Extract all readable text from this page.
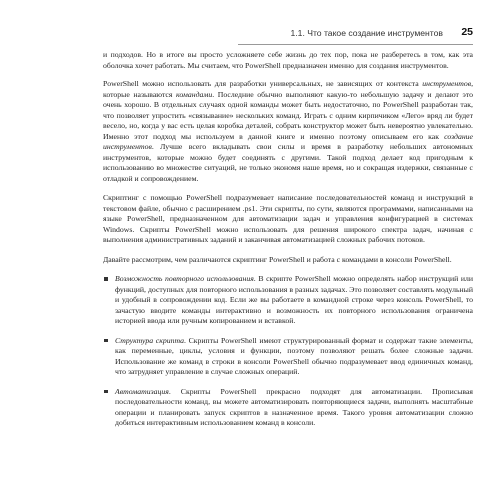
1.1. Что такое создание инструментов 25

и подходов. Но в итоге вы просто усложняете себе жизнь до тех пор, пока не разберетесь в том, как эта оболочка хочет работать. Мы считаем, что PowerShell предназначен именно для создания инструментов.

PowerShell можно использовать для разработки универсальных, не зависящих от контекста инструментов, которые называются командами. Последние обычно выполняют какую-то небольшую задачу и делают это очень хорошо. В отдельных случаях одной команды может быть недостаточно, по PowerShell разработан так, что позволяет упростить «связывание» нескольких команд. Играть с одним кирпичиком «Лего» вряд ли будет весело, но, когда у вас есть целая коробка деталей, собрать конструктор может быть невероятно увлекательно. Именно этот подход мы используем в данной книге и именно поэтому описываем его как создание инструментов. Лучше всего вкладывать свои силы и время в разработку небольших автономных инструментов, которые можно будет соединять с другими. Такой подход делает код пригодным к использованию во множестве ситуаций, не только экономя наше время, но и сокращая издержки, связанные с отладкой и сопровождением.

Скриптинг с помощью PowerShell подразумевает написание последовательностей команд и инструкций в текстовом файле, обычно с расширением .ps1. Эти скрипты, по сути, являются программами, написанными на языке PowerShell, предназначенном для автоматизации задач и управления конфигурацией в системах Windows. Скрипты PowerShell можно использовать для решения широкого спектра задач, начиная с выполнения административных заданий и заканчивая автоматизацией сложных рабочих потоков.

Давайте рассмотрим, чем различаются скриптинг PowerShell и работа с командами в консоли PowerShell.

Возможность повторного использования. В скрипте PowerShell можно определять набор инструкций или функций, доступных для повторного использования в разных задачах. Это позволяет составлять модульный и удобный в сопровождении код. Если же вы работаете в командной строке через консоль PowerShell, то зачастую вводите команды интерактивно и возможность их повторного использования ограничена историей ввода или ручным копированием и вставкой.
Структура скрипта. Скрипты PowerShell имеют структурированный формат и содержат такие элементы, как переменные, циклы, условия и функции, поэтому позволяют решать более сложные задачи. Использование же команд в строки в консоли PowerShell обычно подразумевает ввод единичных команд, что затрудняет управление в случае сложных операций.
Автоматизация. Скрипты PowerShell прекрасно подходят для автоматизации. Прописывая последовательности команд, вы можете автоматизировать повторяющиеся задачи, выполнять масштабные операции и планировать запуск скриптов в назначенное время. Такого уровня автоматизации сложно добиться интерактивным использованием команд в консоли.
